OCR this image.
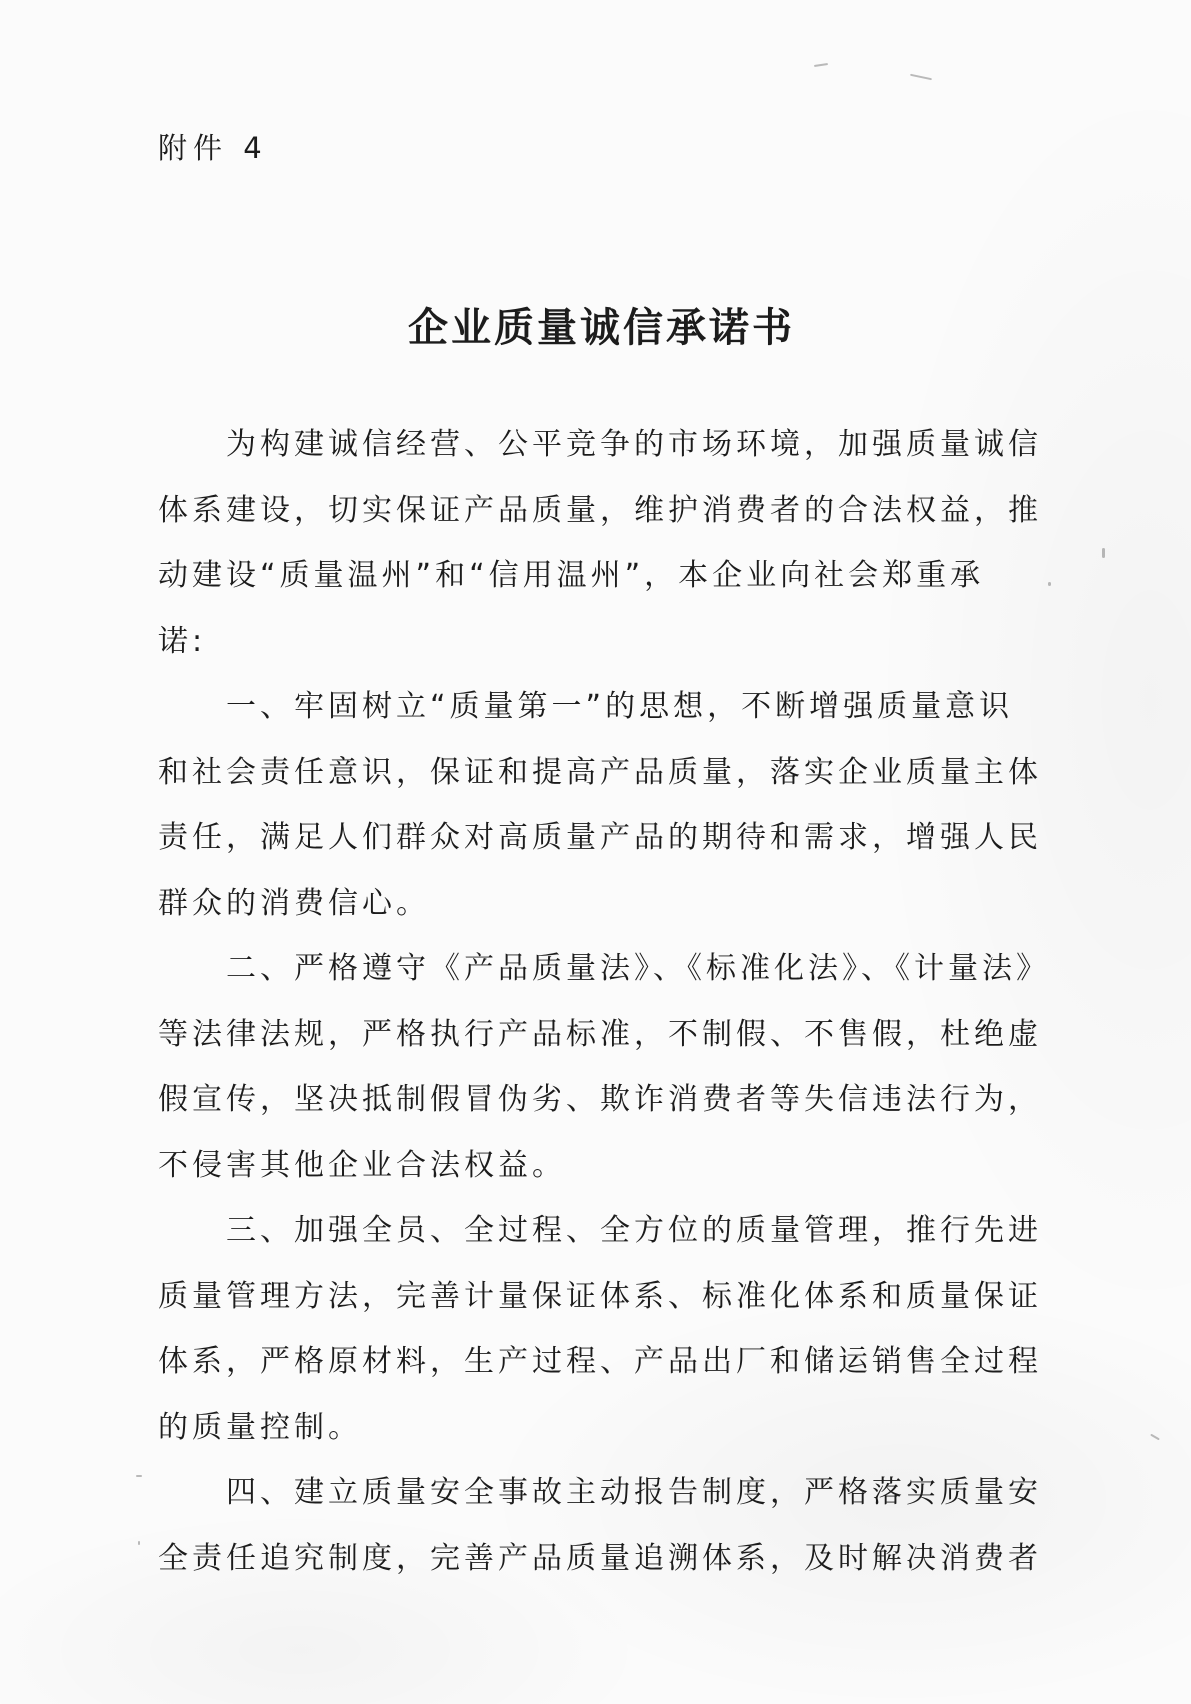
附件 4
企业质量诚信承诺书
　　为构建诚信经营、公平竞争的市场环境，加强质量诚信
体系建设，切实保证产品质量，维护消费者的合法权益，推
动建设“质量温州”和“信用温州”，本企业向社会郑重承
诺:
　　一、牢固树立“质量第一”的思想，不断增强质量意识
和社会责任意识，保证和提高产品质量，落实企业质量主体
责任，满足人们群众对高质量产品的期待和需求，增强人民
群众的消费信心。
　　二、严格遵守《产品质量法》、《标准化法》、《计量法》
等法律法规，严格执行产品标准，不制假、不售假，杜绝虚
假宣传，坚决抵制假冒伪劣、欺诈消费者等失信违法行为，
不侵害其他企业合法权益。
　　三、加强全员、全过程、全方位的质量管理，推行先进
质量管理方法，完善计量保证体系、标准化体系和质量保证
体系，严格原材料，生产过程、产品出厂和储运销售全过程
的质量控制。
　　四、建立质量安全事故主动报告制度，严格落实质量安
全责任追究制度，完善产品质量追溯体系，及时解决消费者
